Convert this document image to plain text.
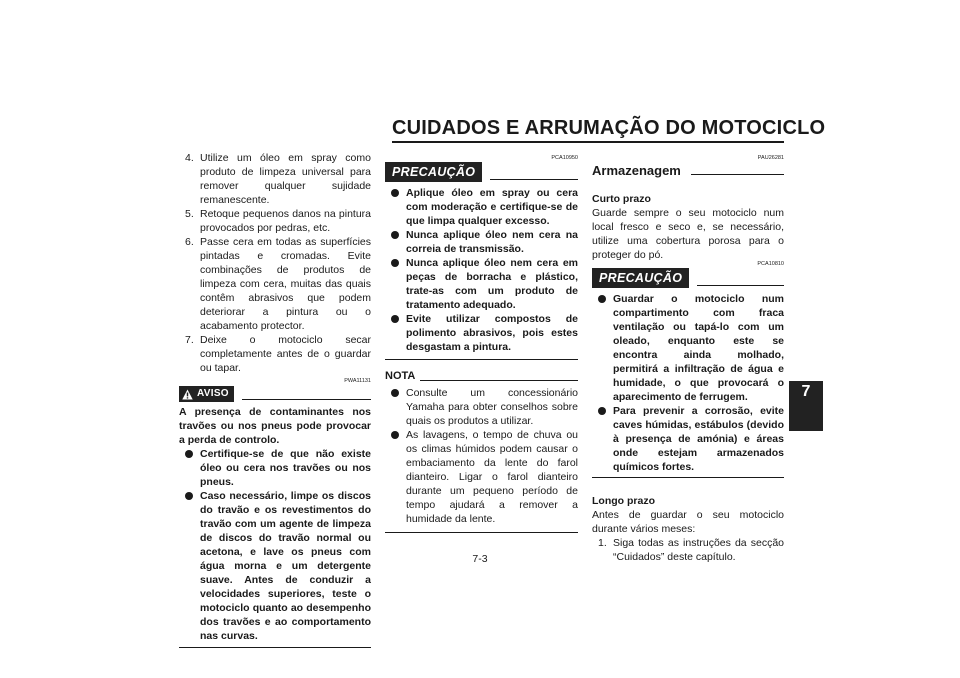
CUIDADOS E ARRUMAÇÃO DO MOTOCICLO
7
4. Utilize um óleo em spray como produto de limpeza universal para remover qualquer sujidade remanescente.
5. Retoque pequenos danos na pintura provocados por pedras, etc.
6. Passe cera em todas as superfícies pintadas e cromadas. Evite combinações de produtos de limpeza com cera, muitas das quais contêm abrasivos que podem deteriorar a pintura ou o acabamento protector.
7. Deixe o motociclo secar completamente antes de o guardar ou tapar.
PWA11131
AVISO

A presença de contaminantes nos travões ou nos pneus pode provocar a perda de controlo.

Certifique-se de que não existe óleo ou cera nos travões ou nos pneus.
Caso necessário, limpe os discos do travão e os revestimentos do travão com um agente de limpeza de discos do travão normal ou acetona, e lave os pneus com água morna e um detergente suave. Antes de conduzir a velocidades superiores, teste o motociclo quanto ao desempenho dos travões e ao comportamento nas curvas.
PCA10950
PRECAUÇÃO
Aplique óleo em spray ou cera com moderação e certifique-se de que limpa qualquer excesso.
Nunca aplique óleo nem cera na correia de transmissão.
Nunca aplique óleo nem cera em peças de borracha e plástico, trate-as com um produto de tratamento adequado.
Evite utilizar compostos de polimento abrasivos, pois estes desgastam a pintura.
NOTA
Consulte um concessionário Yamaha para obter conselhos sobre quais os produtos a utilizar.
As lavagens, o tempo de chuva ou os climas húmidos podem causar o embaciamento da lente do farol dianteiro. Ligar o farol dianteiro durante um pequeno período de tempo ajudará a remover a humidade da lente.
PAU26281
Armazenagem

Curto prazo

Guarde sempre o seu motociclo num local fresco e seco e, se necessário, utilize uma cobertura porosa para o proteger do pó.

PCA10810
PRECAUÇÃO
Guardar o motociclo num compartimento com fraca ventilação ou tapá-lo com um oleado, enquanto este se encontra ainda molhado, permitirá a infiltração de água e humidade, o que provocará o aparecimento de ferrugem.
Para prevenir a corrosão, evite caves húmidas, estábulos (devido à presença de amónia) e áreas onde estejam armazenados químicos fortes.

Longo prazo

Antes de guardar o seu motociclo durante vários meses:

1. Siga todas as instruções da secção “Cuidados” deste capítulo.
7-3
